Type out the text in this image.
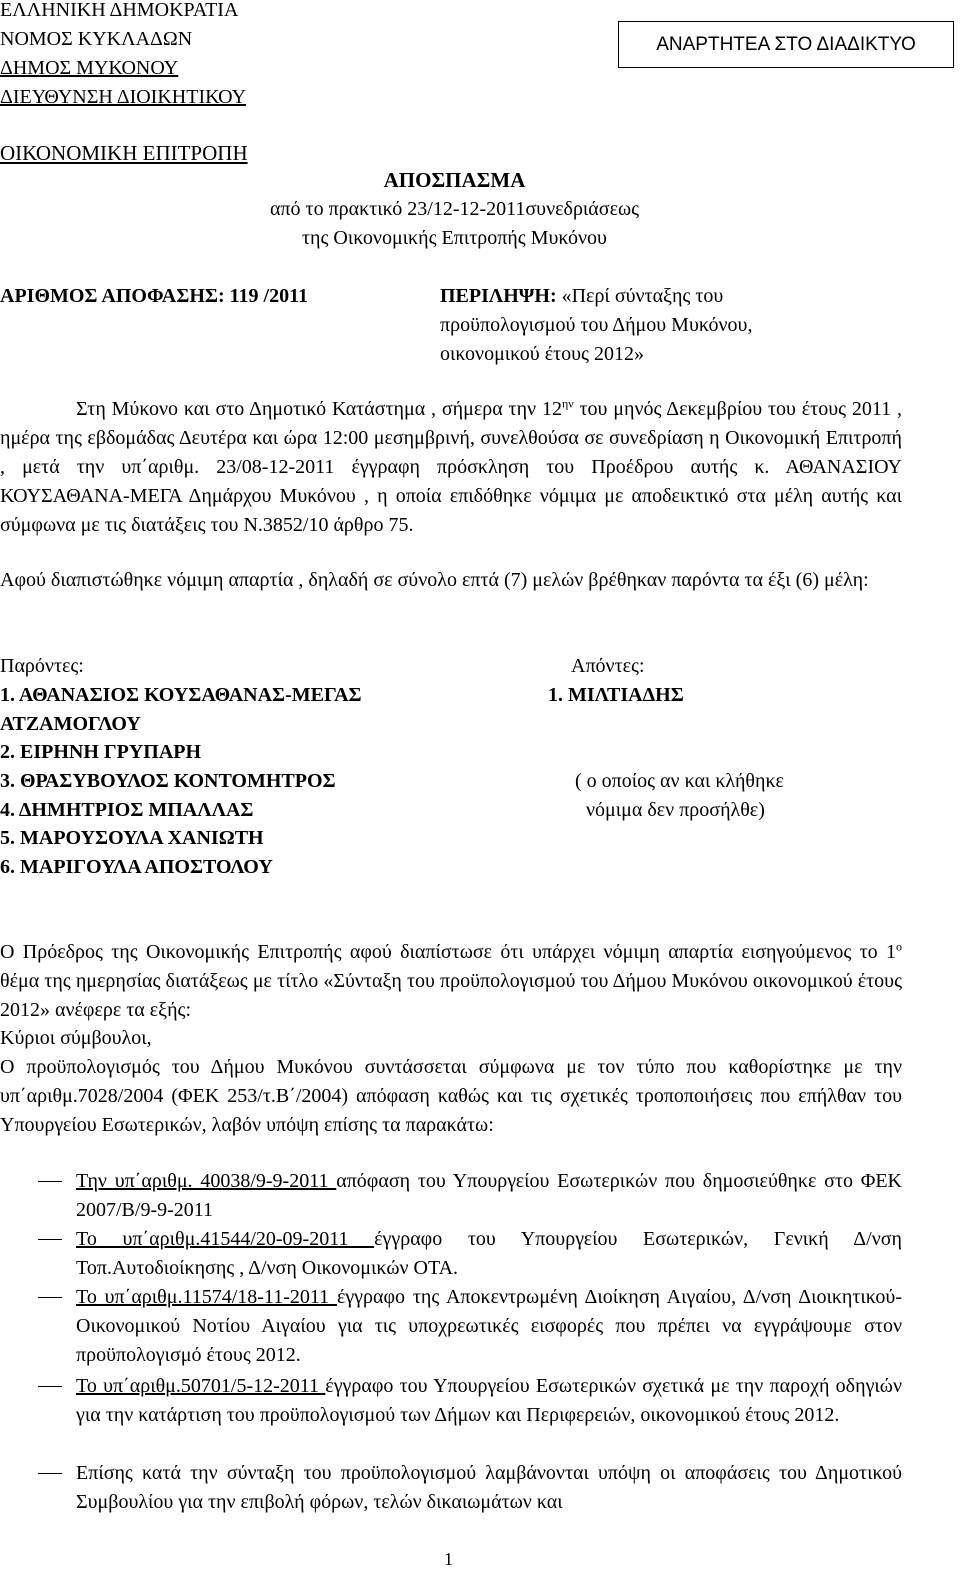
ΕΛΛΗΝΙΚΗ ΔΗΜΟΚΡΑΤΙΑ
ΝΟΜΟΣ ΚΥΚΛΑΔΩΝ
ΔΗΜΟΣ ΜΥΚΟΝΟΥ
ΔΙΕΥΘΥΝΣΗ ΔΙΟΙΚΗΤΙΚΟΥ
ΑΝΑΡΤΗΤΕΑ ΣΤΟ ΔΙΑΔΙΚΤΥΟ
ΟΙΚΟΝΟΜΙΚΗ ΕΠΙΤΡΟΠΗ
ΑΠΟΣΠΑΣΜΑ
από το πρακτικό 23/12-12-2011συνεδριάσεως
της Οικονομικής Επιτροπής Μυκόνου
ΑΡΙΘΜΟΣ ΑΠΟΦΑΣΗΣ: 119 /2011	ΠΕΡΙΛΗΨΗ: «Περί σύνταξης του
προϋπολογισμού του Δήμου Μυκόνου,
οικονομικού έτους 2012»
Στη Μύκονο και στο Δημοτικό Κατάστημα , σήμερα την $12^{\eta\nu}$ του μηνός Δεκεμβρίου του έτους 2011 , ημέρα της εβδομάδας Δευτέρα και ώρα 12:00 μεσημβρινή, συνελθούσα σε συνεδρίαση η Οικονομική Επιτροπή , μετά την υπ΄αριθμ. 23/08-12-2011 έγγραφη πρόσκληση του Προέδρου αυτής κ. ΑΘΑΝΑΣΙΟΥ ΚΟΥΣΑΘΑΝΑ-ΜΕΓΑ Δημάρχου Μυκόνου , η οποία επιδόθηκε νόμιμα με αποδεικτικό στα μέλη αυτής και σύμφωνα με τις διατάξεις του Ν.3852/10 άρθρο 75.
Αφού διαπιστώθηκε νόμιμη απαρτία , δηλαδή σε σύνολο επτά (7) μελών βρέθηκαν παρόντα τα έξι (6) μέλη:
Παρόντες:	Απόντες:
1. ΑΘΑΝΑΣΙΟΣ ΚΟΥΣΑΘΑΝΑΣ-ΜΕΓΑΣ	1. ΜΙΛΤΙΑΔΗΣ
ΑΤΖΑΜΟΓΛΟΥ
2. ΕΙΡΗΝΗ ΓΡΥΠΑΡΗ
3. ΘΡΑΣΥΒΟΥΛΟΣ ΚΟΝΤΟΜΗΤΡΟΣ	( ο οποίος αν και κλήθηκε
4. ΔΗΜΗΤΡΙΟΣ ΜΠΑΛΛΑΣ	νόμιμα δεν προσήλθε)
5. ΜΑΡΟΥΣΟΥΛΑ ΧΑΝΙΩΤΗ
6. ΜΑΡΙΓΟΥΛΑ ΑΠΟΣΤΟΛΟΥ
Ο Πρόεδρος της Οικονομικής Επιτροπής αφού διαπίστωσε ότι υπάρχει νόμιμη απαρτία εισηγούμενος το $1^o$ θέμα της ημερησίας διατάξεως με τίτλο «Σύνταξη του προϋπολογισμού του Δήμου Μυκόνου οικονομικού έτους 2012» ανέφερε τα εξής:
Κύριοι σύμβουλοι,
Ο προϋπολογισμός του Δήμου Μυκόνου συντάσσεται σύμφωνα με τον τύπο που καθορίστηκε με την υπ΄αριθμ.7028/2004 (ΦΕΚ 253/τ.Β΄/2004) απόφαση καθώς και τις σχετικές τροποποιήσεις που επήλθαν του Υπουργείου Εσωτερικών, λαβόν υπόψη επίσης τα παρακάτω:
Την υπ΄αριθμ. 40038/9-9-2011 απόφαση του Υπουργείου Εσωτερικών που δημοσιεύθηκε στο ΦΕΚ 2007/Β/9-9-2011
Το υπ΄αριθμ.41544/20-09-2011 έγγραφο του Υπουργείου Εσωτερικών, Γενική Δ/νση Τοπ.Αυτοδιοίκησης , Δ/νση Οικονομικών ΟΤΑ.
Το υπ΄αριθμ.11574/18-11-2011 έγγραφο της Αποκεντρωμένη Διοίκηση Αιγαίου, Δ/νση Διοικητικού-Οικονομικού Νοτίου Αιγαίου για τις υποχρεωτικές εισφορές που πρέπει να εγγράψουμε στον προϋπολογισμό έτους 2012.
Το υπ΄αριθμ.50701/5-12-2011 έγγραφο του Υπουργείου Εσωτερικών σχετικά με την παροχή οδηγιών για την κατάρτιση του προϋπολογισμού των Δήμων και Περιφερειών, οικονομικού έτους 2012.
Επίσης κατά την σύνταξη του προϋπολογισμού λαμβάνονται υπόψη οι αποφάσεις του Δημοτικού Συμβουλίου για την επιβολή φόρων, τελών δικαιωμάτων και
1
